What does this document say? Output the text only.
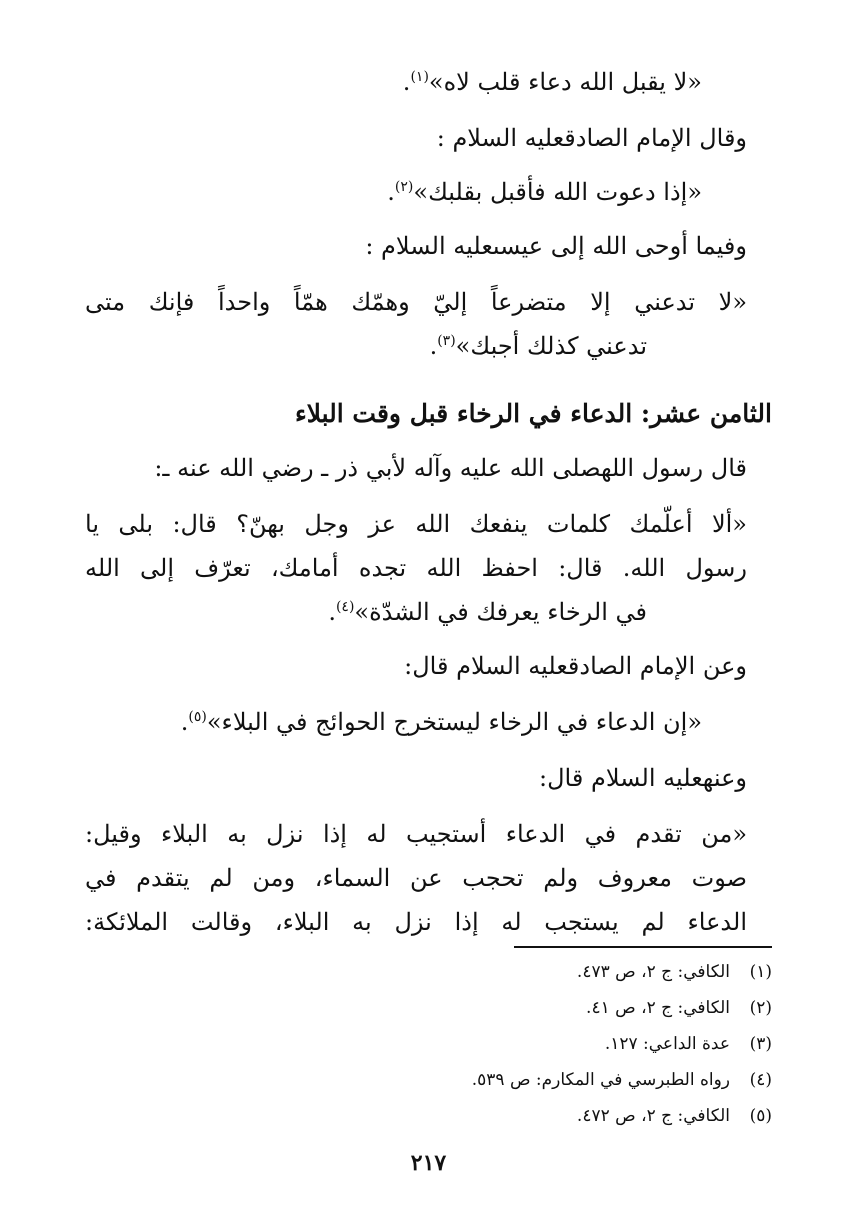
«لا يقبل الله دعاء قلب لاه»$^{(١)}$.
وقال الإمام الصادقعليه السلام :
«إذا دعوت الله فأقبل بقلبك»$^{(٢)}$.
وفيما أوحى الله إلى عيسىعليه السلام :
«لا تدعني إلا متضرعاً إليّ وهمّك همّاً واحداً فإنك متى
تدعني كذلك أجبك»$^{(٣)}$.
الثامن عشر: الدعاء في الرخاء قبل وقت البلاء
قال رسول اللهصلى الله عليه وآله لأبي ذر ـ رضي الله عنه ـ:
«ألا أعلّمك كلمات ينفعك الله عز وجل بهنّ؟ قال: بلى يا
رسول الله. قال: احفظ الله تجده أمامك، تعرّف إلى الله
في الرخاء يعرفك في الشدّة»$^{(٤)}$.
وعن الإمام الصادقعليه السلام قال:
«إن الدعاء في الرخاء ليستخرج الحوائج في البلاء»$^{(٥)}$.
وعنهعليه السلام قال:
«من تقدم في الدعاء أستجيب له إذا نزل به البلاء وقيل:
صوت معروف ولم تحجب عن السماء، ومن لم يتقدم في
الدعاء لم يستجب له إذا نزل به البلاء، وقالت الملائكة:
(١)الكافي: ج ٢، ص ٤٧٣.
(٢)الكافي: ج ٢، ص ٤١.
(٣)عدة الداعي: ١٢٧.
(٤)رواه الطبرسي في المكارم: ص ٥٣٩.
(٥)الكافي: ج ٢، ص ٤٧٢.
٢١٧
